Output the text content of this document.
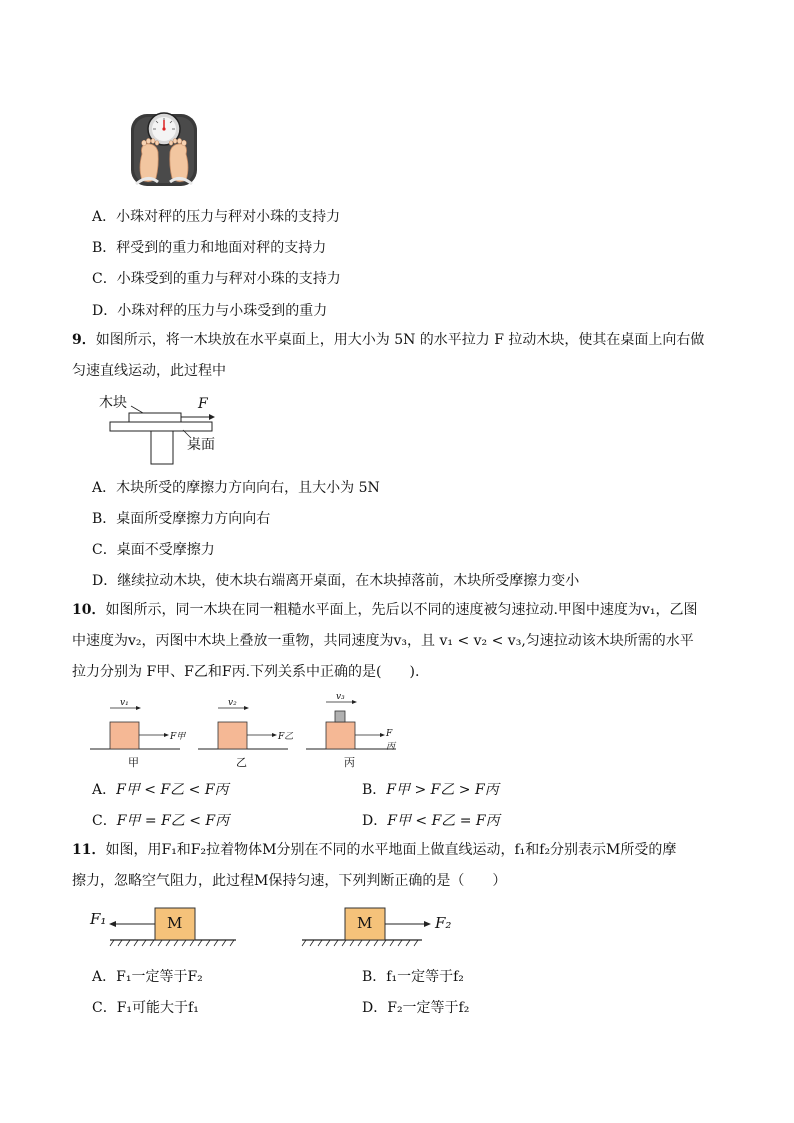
A．小珠对秤的压力与秤对小珠的支持力
B．秤受到的重力和地面对秤的支持力
C．小珠受到的重力与秤对小珠的支持力
D．小珠对秤的压力与小珠受到的重力
9．如图所示，将一木块放在水平桌面上，用大小为 5N 的水平拉力 F 拉动木块，使其在桌面上向右做
匀速直线运动，此过程中
木块	F
桌面
A．木块所受的摩擦力方向向右，且大小为 5N
B．桌面所受摩擦力方向向右
C．桌面不受摩擦力
D．继续拉动木块，使木块右端离开桌面，在木块掉落前，木块所受摩擦力变小
10．如图所示，同一木块在同一粗糙水平面上，先后以不同的速度被匀速拉动.甲图中速度为v₁，乙图
中速度为v₂，丙图中木块上叠放一重物，共同速度为v₃，且 v₁ < v₂ < v₃,匀速拉动该木块所需的水平
拉力分别为 F甲、F乙和F丙.下列关系中正确的是(　　).
v₁
F甲
甲
v₂
F乙
乙
v₃
F丙
丙
A．F甲 < F乙 < F丙	B．F甲 > F乙 > F丙
C．F甲 = F乙 < F丙	D．F甲 < F乙 = F丙
11．如图，用F₁和F₂拉着物体M分别在不同的水平地面上做直线运动，f₁和f₂分别表示M所受的摩
擦力，忽略空气阻力，此过程M保持匀速，下列判断正确的是（　　）
M	M
F₁	F₂
A．F₁一定等于F₂	B．f₁一定等于f₂
C．F₁可能大于f₁	D．F₂一定等于f₂
